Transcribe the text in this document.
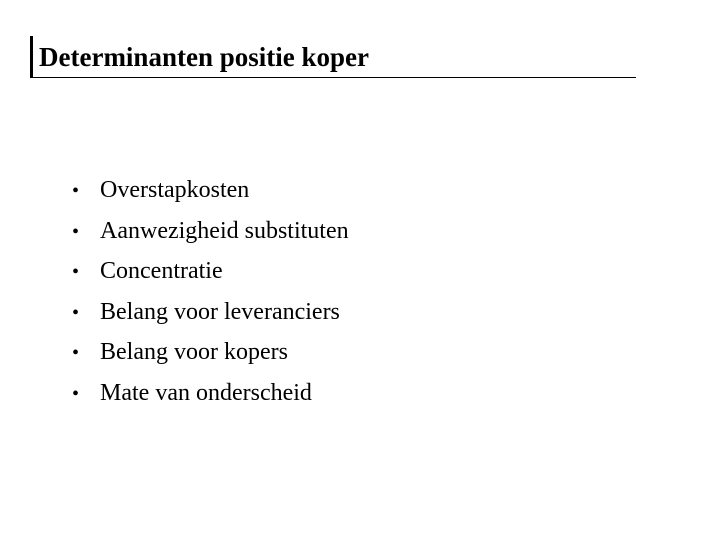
Determinanten positie koper
• Overstapkosten
• Aanwezigheid substituten
• Concentratie
• Belang voor leveranciers
• Belang voor kopers
• Mate van onderscheid
